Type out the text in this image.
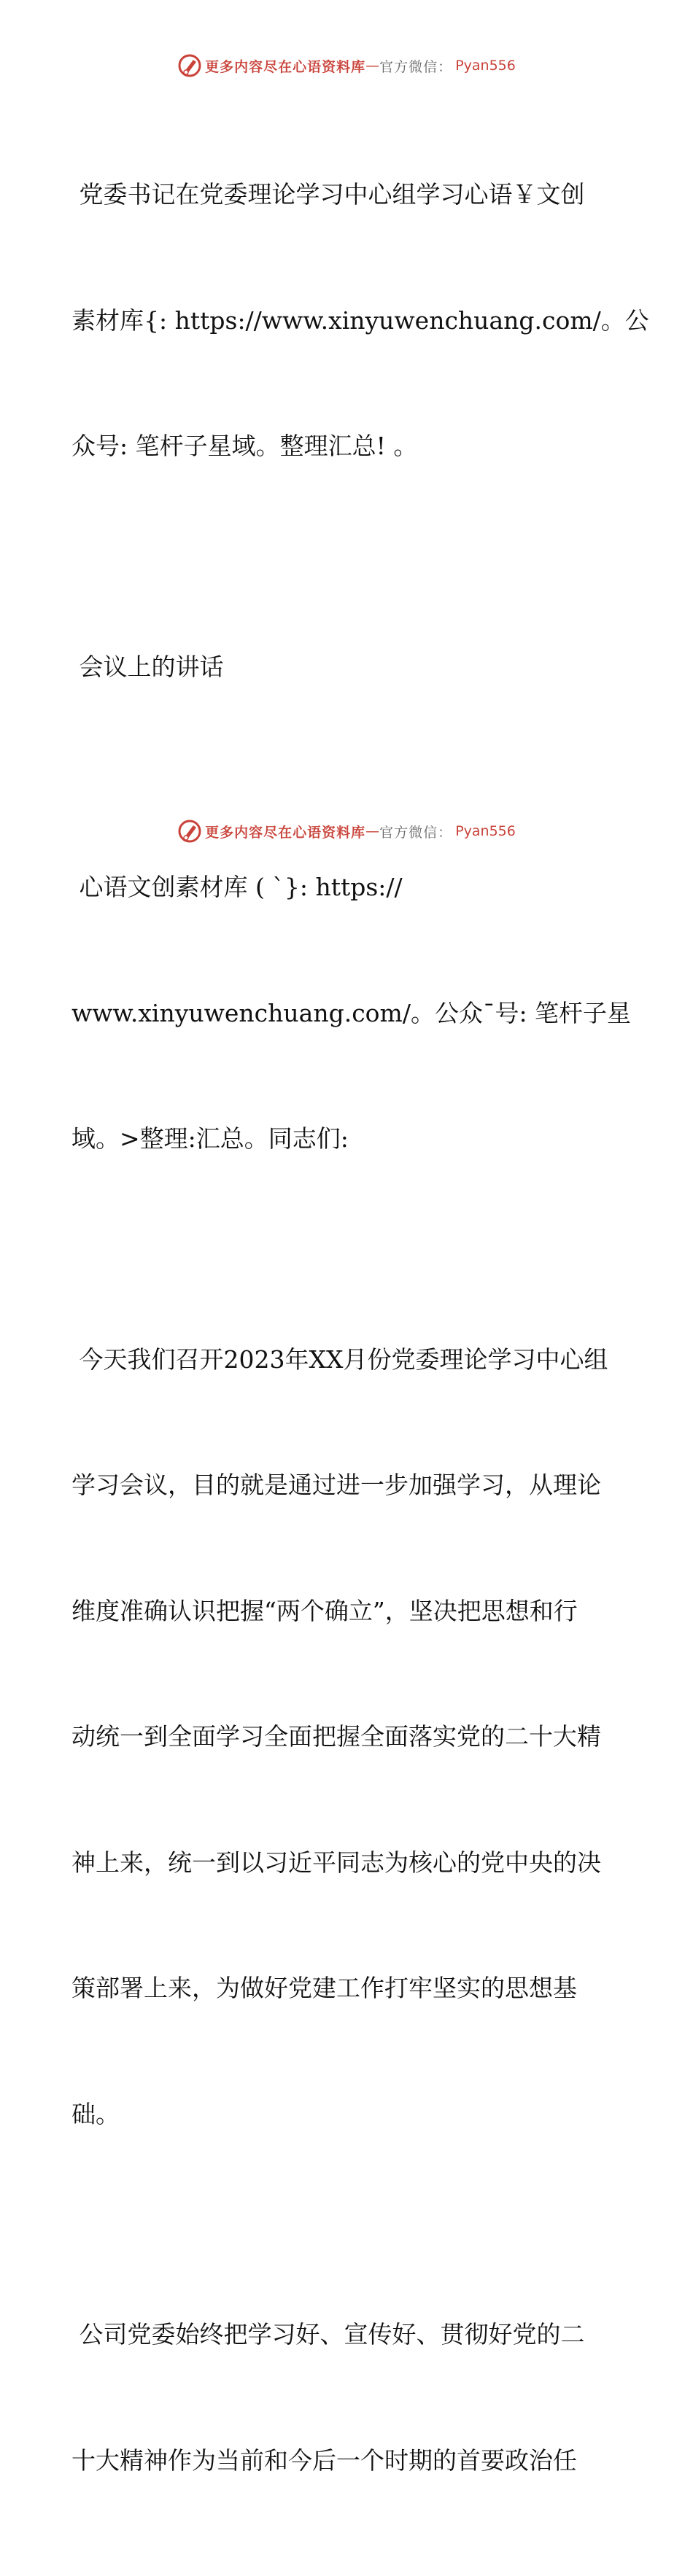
更多内容尽在心语资料库 — 官方微信： Pyan556

党委书记在党委理论学习中心组学习心语￥文创

素材库{: https://www.xinyuwenchuang.com/。公

众号: 笔杆子星域。整理汇总! 。

会议上的讲话

心语文创素材库 ( `}: https://

www.xinyuwenchuang.com/。公众¯号: 笔杆子星

域。>整理:汇总。同志们:

今天我们召开2023年XX月份党委理论学习中心组

学习会议，目的就是通过进一步加强学习，从理论

维度准确认识把握“两个确立”，坚决把思想和行

动统一到全面学习全面把握全面落实党的二十大精

神上来，统一到以习近平同志为核心的党中央的决

策部署上来，为做好党建工作打牢坚实的思想基

础。

公司党委始终把学习好、宣传好、贯彻好党的二

十大精神作为当前和今后一个时期的首要政治任

更多内容尽在心语资料库 — 官方微信： Pyan556
